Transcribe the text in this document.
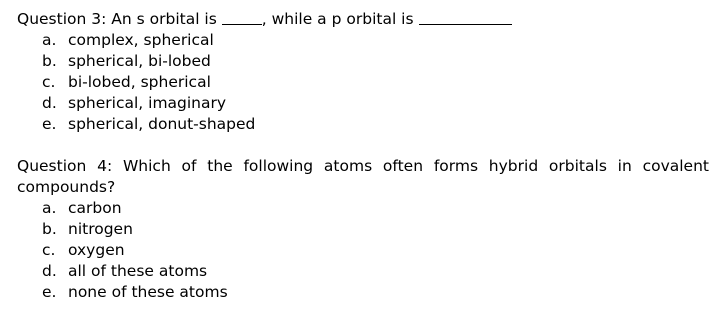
Question 3: An s orbital is	, while a p orbital is

a. complex, spherical
b. spherical, bi-lobed
c. bi-lobed, spherical
d. spherical, imaginary
e. spherical, donut-shaped

Question 4: Which of the following atoms often forms hybrid orbitals in covalent compounds?

a. carbon
b. nitrogen
c. oxygen
d. all of these atoms
e. none of these atoms
